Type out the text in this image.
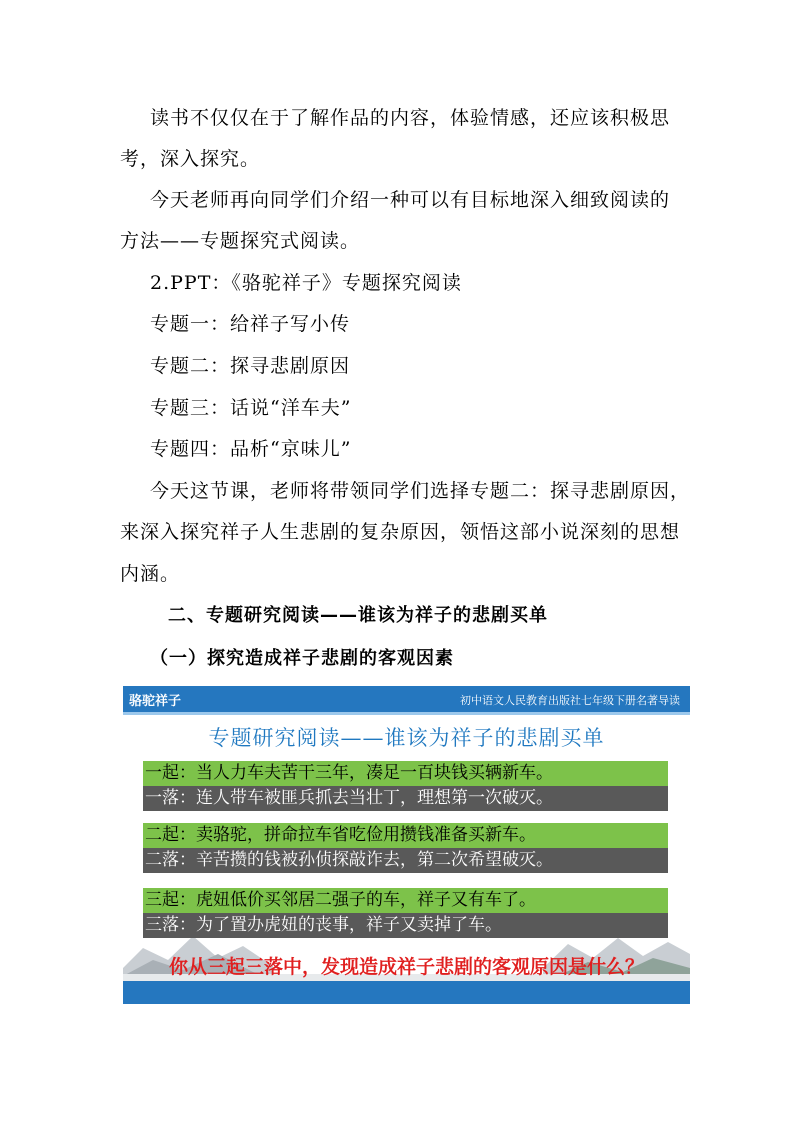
读书不仅仅在于了解作品的内容，体验情感，还应该积极思
考，深入探究。
今天老师再向同学们介绍一种可以有目标地深入细致阅读的
方法——专题探究式阅读。
2.PPT：《骆驼祥子》专题探究阅读
专题一：给祥子写小传
专题二：探寻悲剧原因
专题三：话说“洋车夫”
专题四：品析“京味儿”
今天这节课，老师将带领同学们选择专题二：探寻悲剧原因，
来深入探究祥子人生悲剧的复杂原因，领悟这部小说深刻的思想
内涵。
二、专题研究阅读——谁该为祥子的悲剧买单
（一）探究造成祥子悲剧的客观因素
骆驼祥子	初中语文人民教育出版社七年级下册名著导读
专题研究阅读——谁该为祥子的悲剧买单
一起：当人力车夫苦干三年，凑足一百块钱买辆新车。
一落：连人带车被匪兵抓去当壮丁，理想第一次破灭。
二起：卖骆驼，拼命拉车省吃俭用攒钱准备买新车。
二落：辛苦攒的钱被孙侦探敲诈去，第二次希望破灭。
三起：虎妞低价买邻居二强子的车，祥子又有车了。
三落：为了置办虎妞的丧事，祥子又卖掉了车。
你从三起三落中，发现造成祥子悲剧的客观原因是什么？
